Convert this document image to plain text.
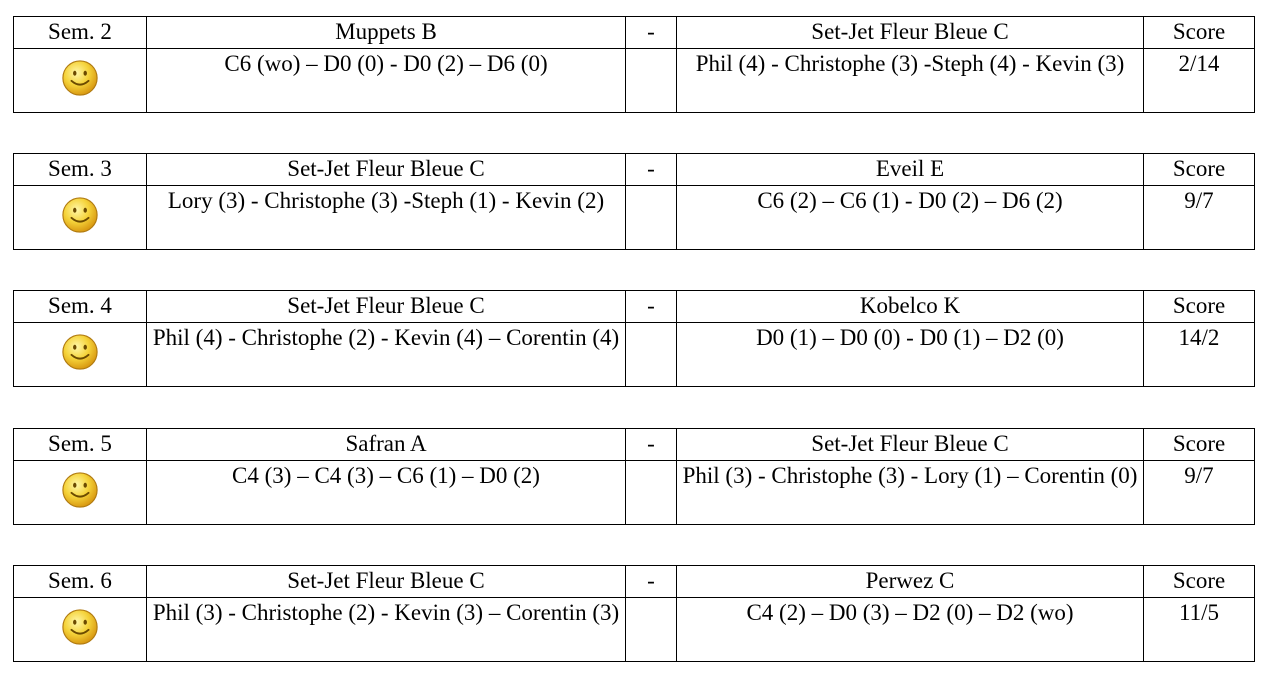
Sem. 2	Muppets B	-	Set-Jet Fleur Bleue C	Score

	C6 (wo) – D0 (0) - D0 (2) – D6 (0)		Phil (4) - Christophe (3) -Steph (4) - Kevin (3)	2/14
Sem. 3	Set-Jet Fleur Bleue C	-	Eveil E	Score

	Lory (3) - Christophe (3) -Steph (1) - Kevin (2)		C6 (2) – C6 (1) - D0 (2) – D6 (2)	9/7
Sem. 4	Set-Jet Fleur Bleue C	-	Kobelco K	Score

	Phil (4) - Christophe (2) - Kevin (4) – Corentin (4)		D0 (1) – D0 (0) - D0 (1) – D2 (0)	14/2
Sem. 5	Safran A	-	Set-Jet Fleur Bleue C	Score

	C4 (3) – C4 (3) – C6 (1) – D0 (2)		Phil (3) - Christophe (3) - Lory (1) – Corentin (0)	9/7
Sem. 6	Set-Jet Fleur Bleue C	-	Perwez C	Score

	Phil (3) - Christophe (2) - Kevin (3) – Corentin (3)		C4 (2) – D0 (3) – D2 (0) – D2 (wo)	11/5
